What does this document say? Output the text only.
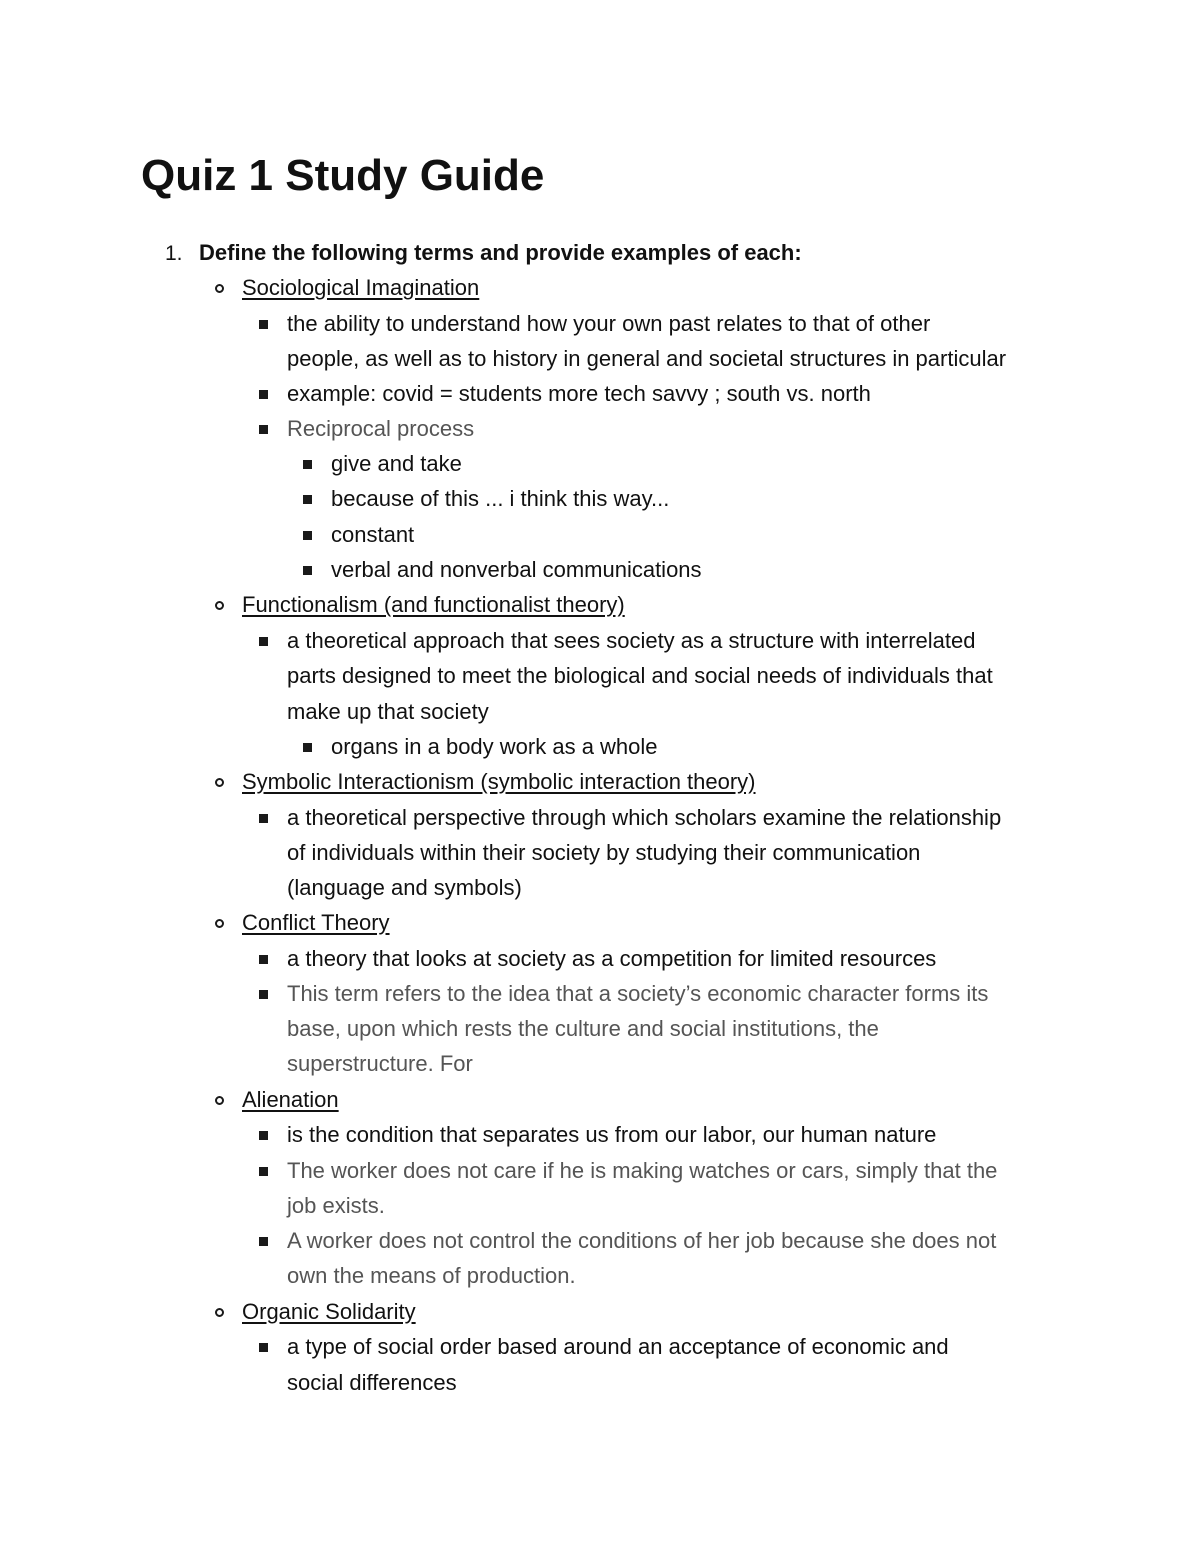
Quiz 1 Study Guide
1. Define the following terms and provide examples of each:
Sociological Imagination
the ability to understand how your own past relates to that of other
people, as well as to history in general and societal structures in particular
example: covid = students more tech savvy ; south vs. north
Reciprocal process
give and take
because of this ... i think this way...
constant
verbal and nonverbal communications
Functionalism (and functionalist theory)
a theoretical approach that sees society as a structure with interrelated
parts designed to meet the biological and social needs of individuals that
make up that society
organs in a body work as a whole
Symbolic Interactionism (symbolic interaction theory)
a theoretical perspective through which scholars examine the relationship
of individuals within their society by studying their communication
(language and symbols)
Conflict Theory
a theory that looks at society as a competition for limited resources
This term refers to the idea that a society’s economic character forms its
base, upon which rests the culture and social institutions, the
superstructure. For
Alienation
is the condition that separates us from our labor, our human nature
The worker does not care if he is making watches or cars, simply that the
job exists.
A worker does not control the conditions of her job because she does not
own the means of production.
Organic Solidarity
a type of social order based around an acceptance of economic and
social differences
